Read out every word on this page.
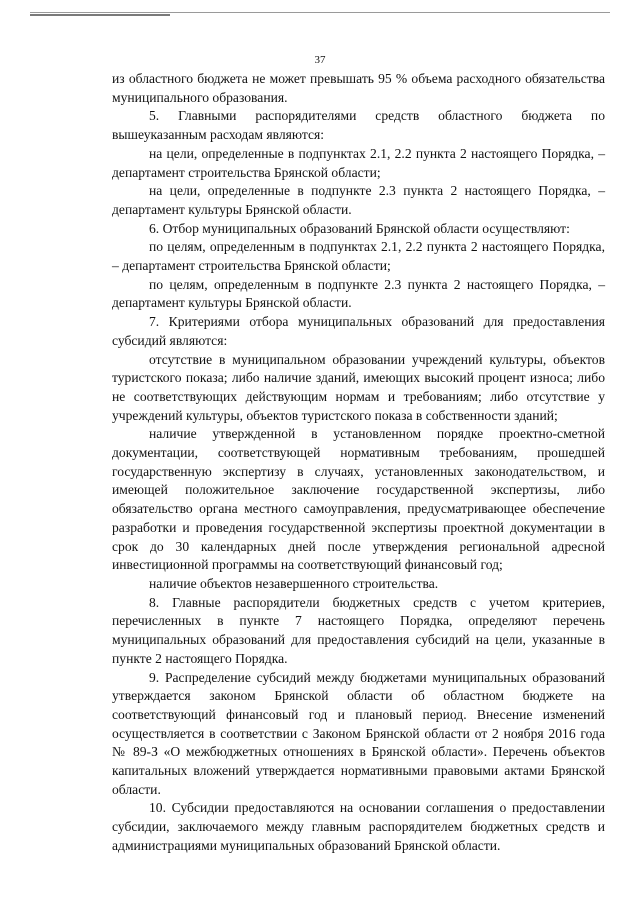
37

из областного бюджета не может превышать 95 % объема расходного обязательства муниципального образования.

5. Главными распорядителями средств областного бюджета по вышеуказанным расходам являются:

на цели, определенные в подпунктах 2.1, 2.2 пункта 2 настоящего Порядка, – департамент строительства Брянской области;

на цели, определенные в подпункте 2.3 пункта 2 настоящего Порядка, – департамент культуры Брянской области.

6. Отбор муниципальных образований Брянской области осуществляют:

по целям, определенным в подпунктах 2.1, 2.2 пункта 2 настоящего Порядка, – департамент строительства Брянской области;

по целям, определенным в подпункте 2.3 пункта 2 настоящего Порядка, – департамент культуры Брянской области.

7. Критериями отбора муниципальных образований для предоставления субсидий являются:

отсутствие в муниципальном образовании учреждений культуры, объектов туристского показа; либо наличие зданий, имеющих высокий процент износа; либо не соответствующих действующим нормам и требованиям; либо отсутствие у учреждений культуры, объектов туристского показа в собственности зданий;

наличие утвержденной в установленном порядке проектно-сметной документации, соответствующей нормативным требованиям, прошедшей государственную экспертизу в случаях, установленных законодательством, и имеющей положительное заключение государственной экспертизы, либо обязательство органа местного самоуправления, предусматривающее обеспечение разработки и проведения государственной экспертизы проектной документации в срок до 30 календарных дней после утверждения региональной адресной инвестиционной программы на соответствующий финансовый год;

наличие объектов незавершенного строительства.

8. Главные распорядители бюджетных средств с учетом критериев, перечисленных в пункте 7 настоящего Порядка, определяют перечень муниципальных образований для предоставления субсидий на цели, указанные в пункте 2 настоящего Порядка.

9. Распределение субсидий между бюджетами муниципальных образований утверждается законом Брянской области об областном бюджете на соответствующий финансовый год и плановый период. Внесение изменений осуществляется в соответствии с Законом Брянской области от 2 ноября 2016 года № 89-З «О межбюджетных отношениях в Брянской области». Перечень объектов капитальных вложений утверждается нормативными правовыми актами Брянской области.

10. Субсидии предоставляются на основании соглашения о предоставлении субсидии, заключаемого между главным распорядителем бюджетных средств и администрациями муниципальных образований Брянской области.
